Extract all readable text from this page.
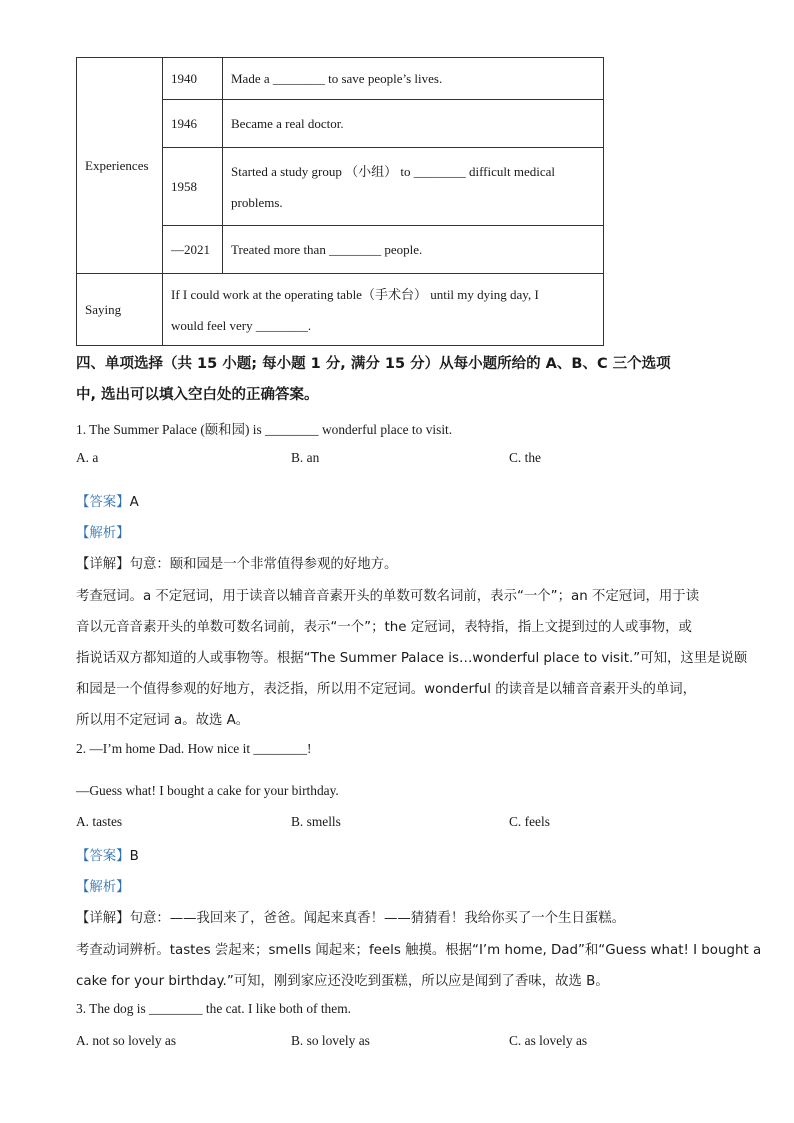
Experiences	1940	Made a ________ to save people’s lives.
	1946	Became a real doctor.
	1958	Started a study group （小组） to ________ difficult medical
problems.

	—2021	Treated more than ________ people.
Saying	If I could work at the operating table（手术台） until my dying day, I
would feel very ________.	
四、单项选择（共 15 小题; 每小题 1 分, 满分 15 分）从每小题所给的 A、B、C 三个选项
中, 选出可以填入空白处的正确答案。
1. The Summer Palace (颐和园) is ________ wonderful place to visit.
A. a	B. an	C. the
【答案】A
【解析】
【详解】句意：颐和园是一个非常值得参观的好地方。
考查冠词。a 不定冠词，用于读音以辅音音素开头的单数可数名词前，表示“一个”；an 不定冠词，用于读
音以元音音素开头的单数可数名词前，表示“一个”；the 定冠词，表特指，指上文提到过的人或事物，或
指说话双方都知道的人或事物等。根据“The Summer Palace is…wonderful place to visit.”可知，这里是说颐
和园是一个值得参观的好地方，表泛指，所以用不定冠词。wonderful 的读音是以辅音音素开头的单词，
所以用不定冠词 a。故选 A。
2. —I’m home Dad. How nice it ________!
—Guess what! I bought a cake for your birthday.
A. tastes	B. smells	C. feels
【答案】B
【解析】
【详解】句意：——我回来了，爸爸。闻起来真香！——猜猜看！我给你买了一个生日蛋糕。
考查动词辨析。tastes 尝起来；smells 闻起来；feels 触摸。根据“I’m home, Dad”和“Guess what! I bought a
cake for your birthday.”可知，刚到家应还没吃到蛋糕，所以应是闻到了香味，故选 B。
3. The dog is ________ the cat. I like both of them.
A. not so lovely as	B. so lovely as	C. as lovely as
